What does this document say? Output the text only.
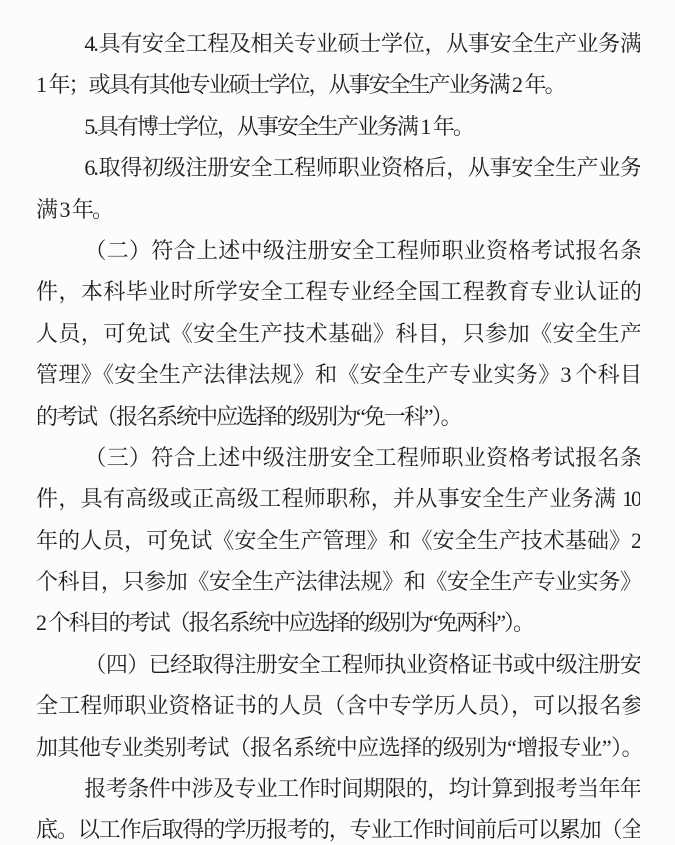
4.具有安全工程及相关专业硕士学位，从事安全生产业务满
1 年；或具有其他专业硕士学位，从事安全生产业务满 2 年。
5.具有博士学位，从事安全生产业务满 1 年。
6.取得初级注册安全工程师职业资格后，从事安全生产业务
满 3 年。
（二）符合上述中级注册安全工程师职业资格考试报名条
件，本科毕业时所学安全工程专业经全国工程教育专业认证的
人员，可免试《安全生产技术基础》科目，只参加《安全生产
管理》《安全生产法律法规》和《安全生产专业实务》3 个科目
的考试（报名系统中应选择的级别为“免一科”）。
（三）符合上述中级注册安全工程师职业资格考试报名条
件，具有高级或正高级工程师职称，并从事安全生产业务满 10
年的人员，可免试《安全生产管理》和《安全生产技术基础》2
个科目，只参加《安全生产法律法规》和《安全生产专业实务》
2 个科目的考试（报名系统中应选择的级别为“免两科”）。
（四）已经取得注册安全工程师执业资格证书或中级注册安
全工程师职业资格证书的人员（含中专学历人员），可以报名参
加其他专业类别考试（报名系统中应选择的级别为“增报专业”）。
报考条件中涉及专业工作时间期限的，均计算到报考当年年
底。以工作后取得的学历报考的，专业工作时间前后可以累加（全
